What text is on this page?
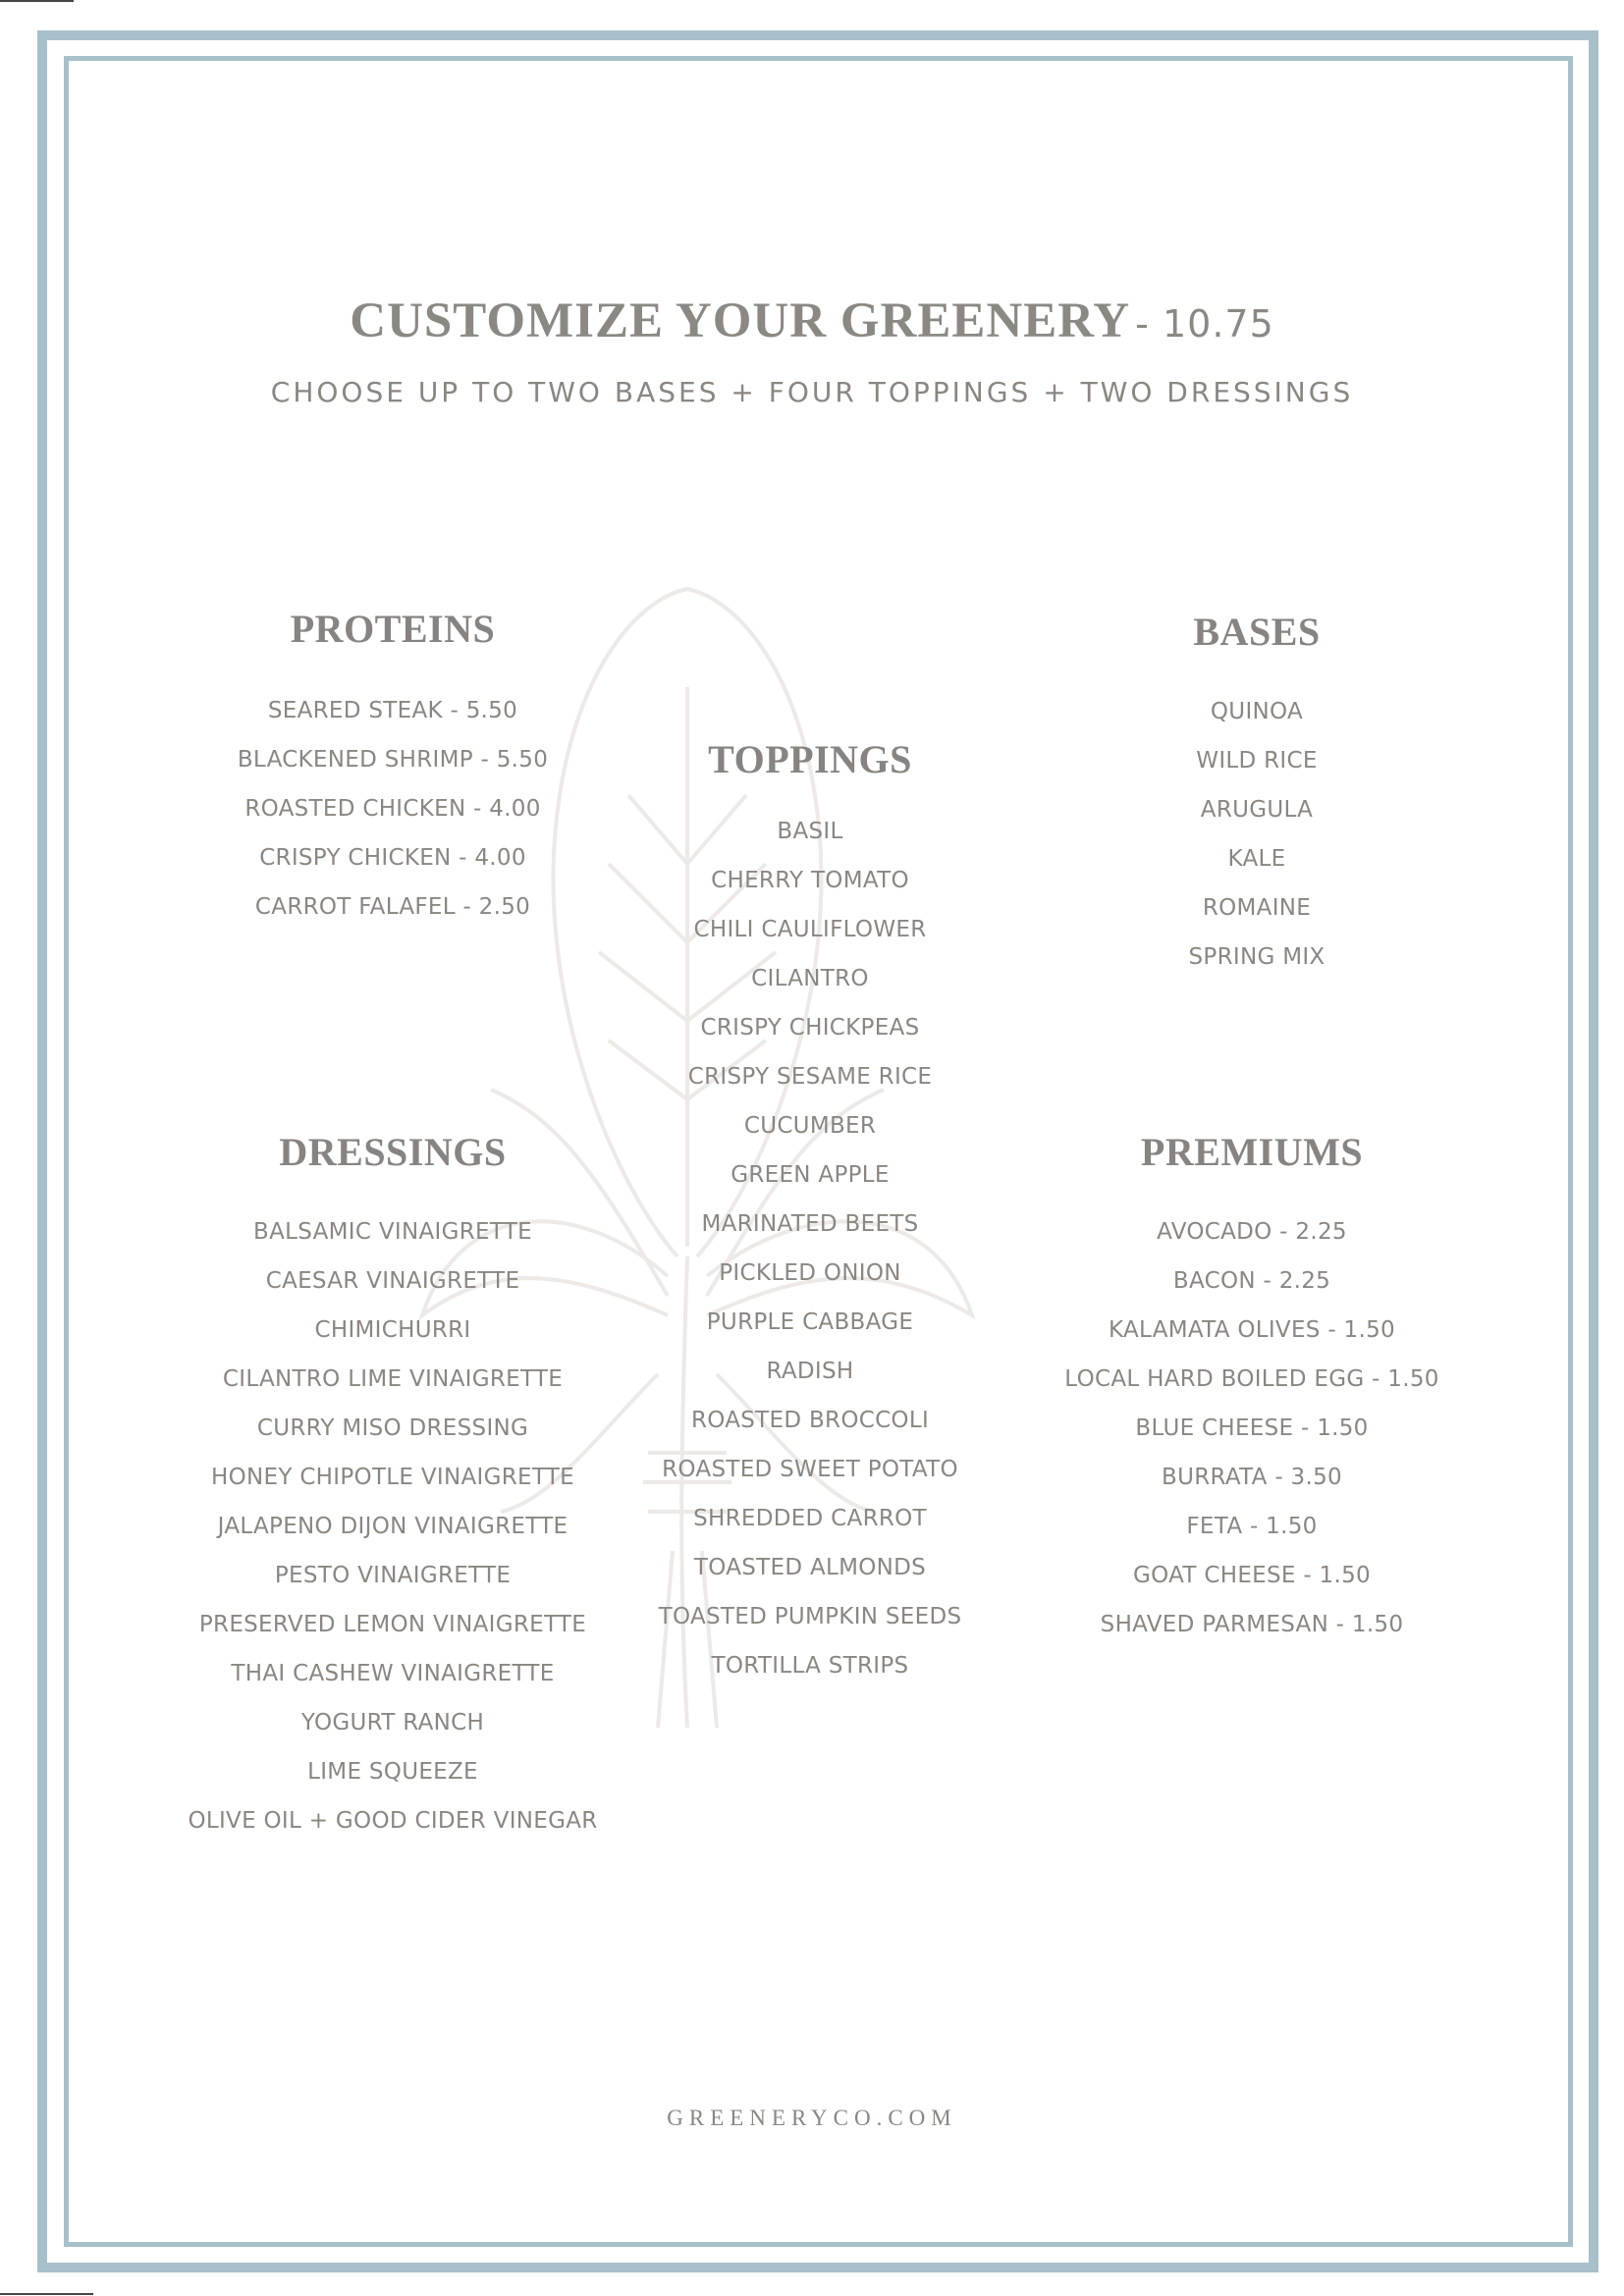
CUSTOMIZE YOUR GREENERY - 10.75
CHOOSE UP TO TWO BASES + FOUR TOPPINGS + TWO DRESSINGS
PROTEINS
SEARED STEAK - 5.50
BLACKENED SHRIMP - 5.50
ROASTED CHICKEN - 4.00
CRISPY CHICKEN - 4.00
CARROT FALAFEL - 2.50
TOPPINGS
BASIL
CHERRY TOMATO
CHILI CAULIFLOWER
CILANTRO
CRISPY CHICKPEAS
CRISPY SESAME RICE
CUCUMBER
GREEN APPLE
MARINATED BEETS
PICKLED ONION
PURPLE CABBAGE
RADISH
ROASTED BROCCOLI
ROASTED SWEET POTATO
SHREDDED CARROT
TOASTED ALMONDS
TOASTED PUMPKIN SEEDS
TORTILLA STRIPS
BASES
QUINOA
WILD RICE
ARUGULA
KALE
ROMAINE
SPRING MIX
DRESSINGS
BALSAMIC VINAIGRETTE
CAESAR VINAIGRETTE
CHIMICHURRI
CILANTRO LIME VINAIGRETTE
CURRY MISO DRESSING
HONEY CHIPOTLE VINAIGRETTE
JALAPENO DIJON VINAIGRETTE
PESTO VINAIGRETTE
PRESERVED LEMON VINAIGRETTE
THAI CASHEW VINAIGRETTE
YOGURT RANCH
LIME SQUEEZE
OLIVE OIL + GOOD CIDER VINEGAR
PREMIUMS
AVOCADO - 2.25
BACON - 2.25
KALAMATA OLIVES - 1.50
LOCAL HARD BOILED EGG - 1.50
BLUE CHEESE - 1.50
BURRATA - 3.50
FETA - 1.50
GOAT CHEESE - 1.50
SHAVED PARMESAN - 1.50
GREENERYCO.COM
